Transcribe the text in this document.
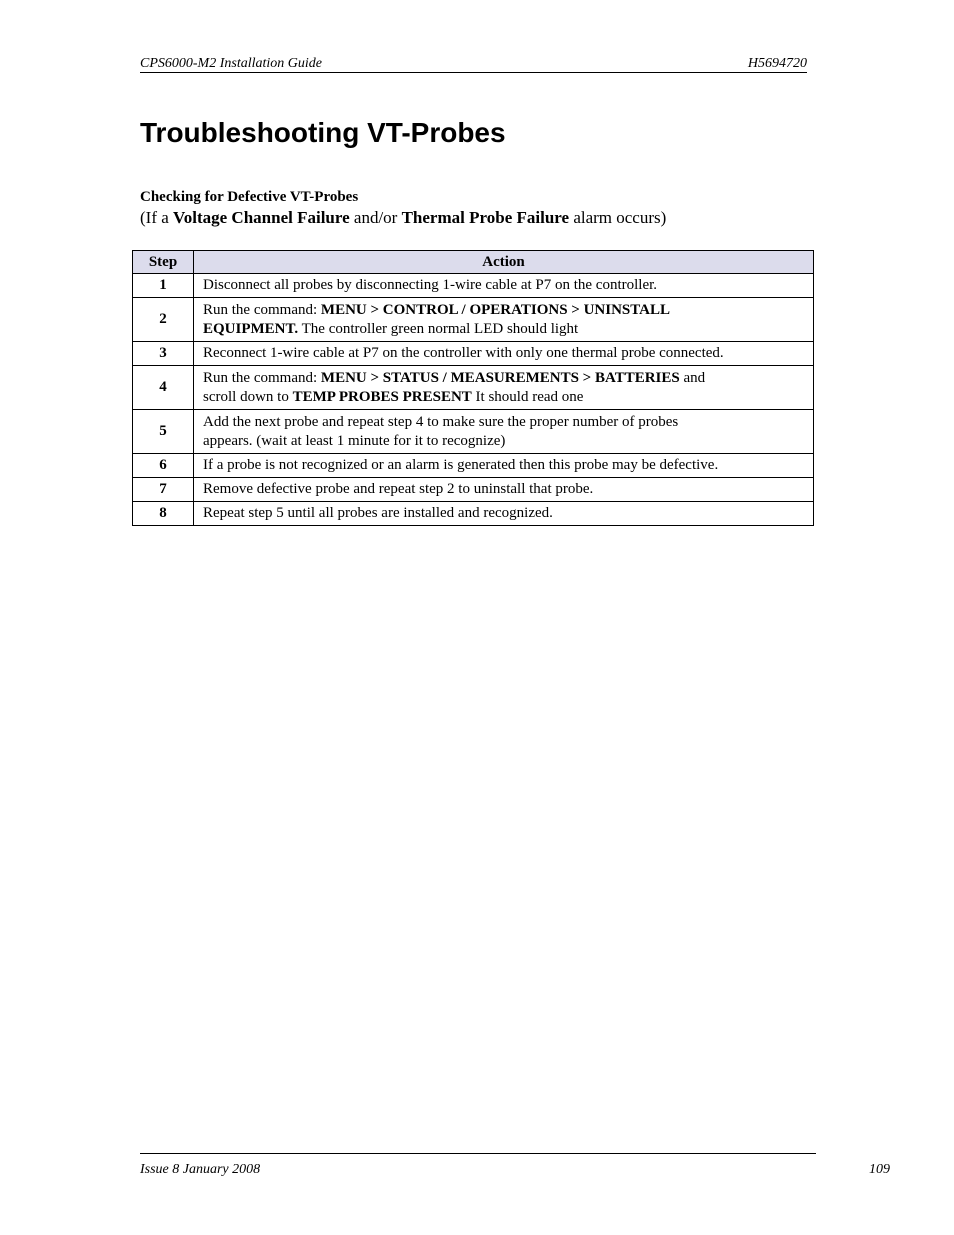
CPS6000-M2 Installation Guide	H5694720
Troubleshooting VT-Probes
Checking for Defective VT-Probes
(If a Voltage Channel Failure and/or Thermal Probe Failure alarm occurs)
Step	Action
1	Disconnect all probes by disconnecting 1-wire cable at P7 on the controller.
2	Run the command: MENU > CONTROL / OPERATIONS > UNINSTALL
EQUIPMENT. The controller green normal LED should light
3	Reconnect 1-wire cable at P7 on the controller with only one thermal probe connected.
4	Run the command: MENU > STATUS / MEASUREMENTS > BATTERIES and
scroll down to TEMP PROBES PRESENT It should read one
5	Add the next probe and repeat step 4 to make sure the proper number of probes
appears. (wait at least 1 minute for it to recognize)
6	If a probe is not recognized or an alarm is generated then this probe may be defective.
7	Remove defective probe and repeat step 2 to uninstall that probe.
8	Repeat step 5 until all probes are installed and recognized.
Issue 8 January 2008	109
